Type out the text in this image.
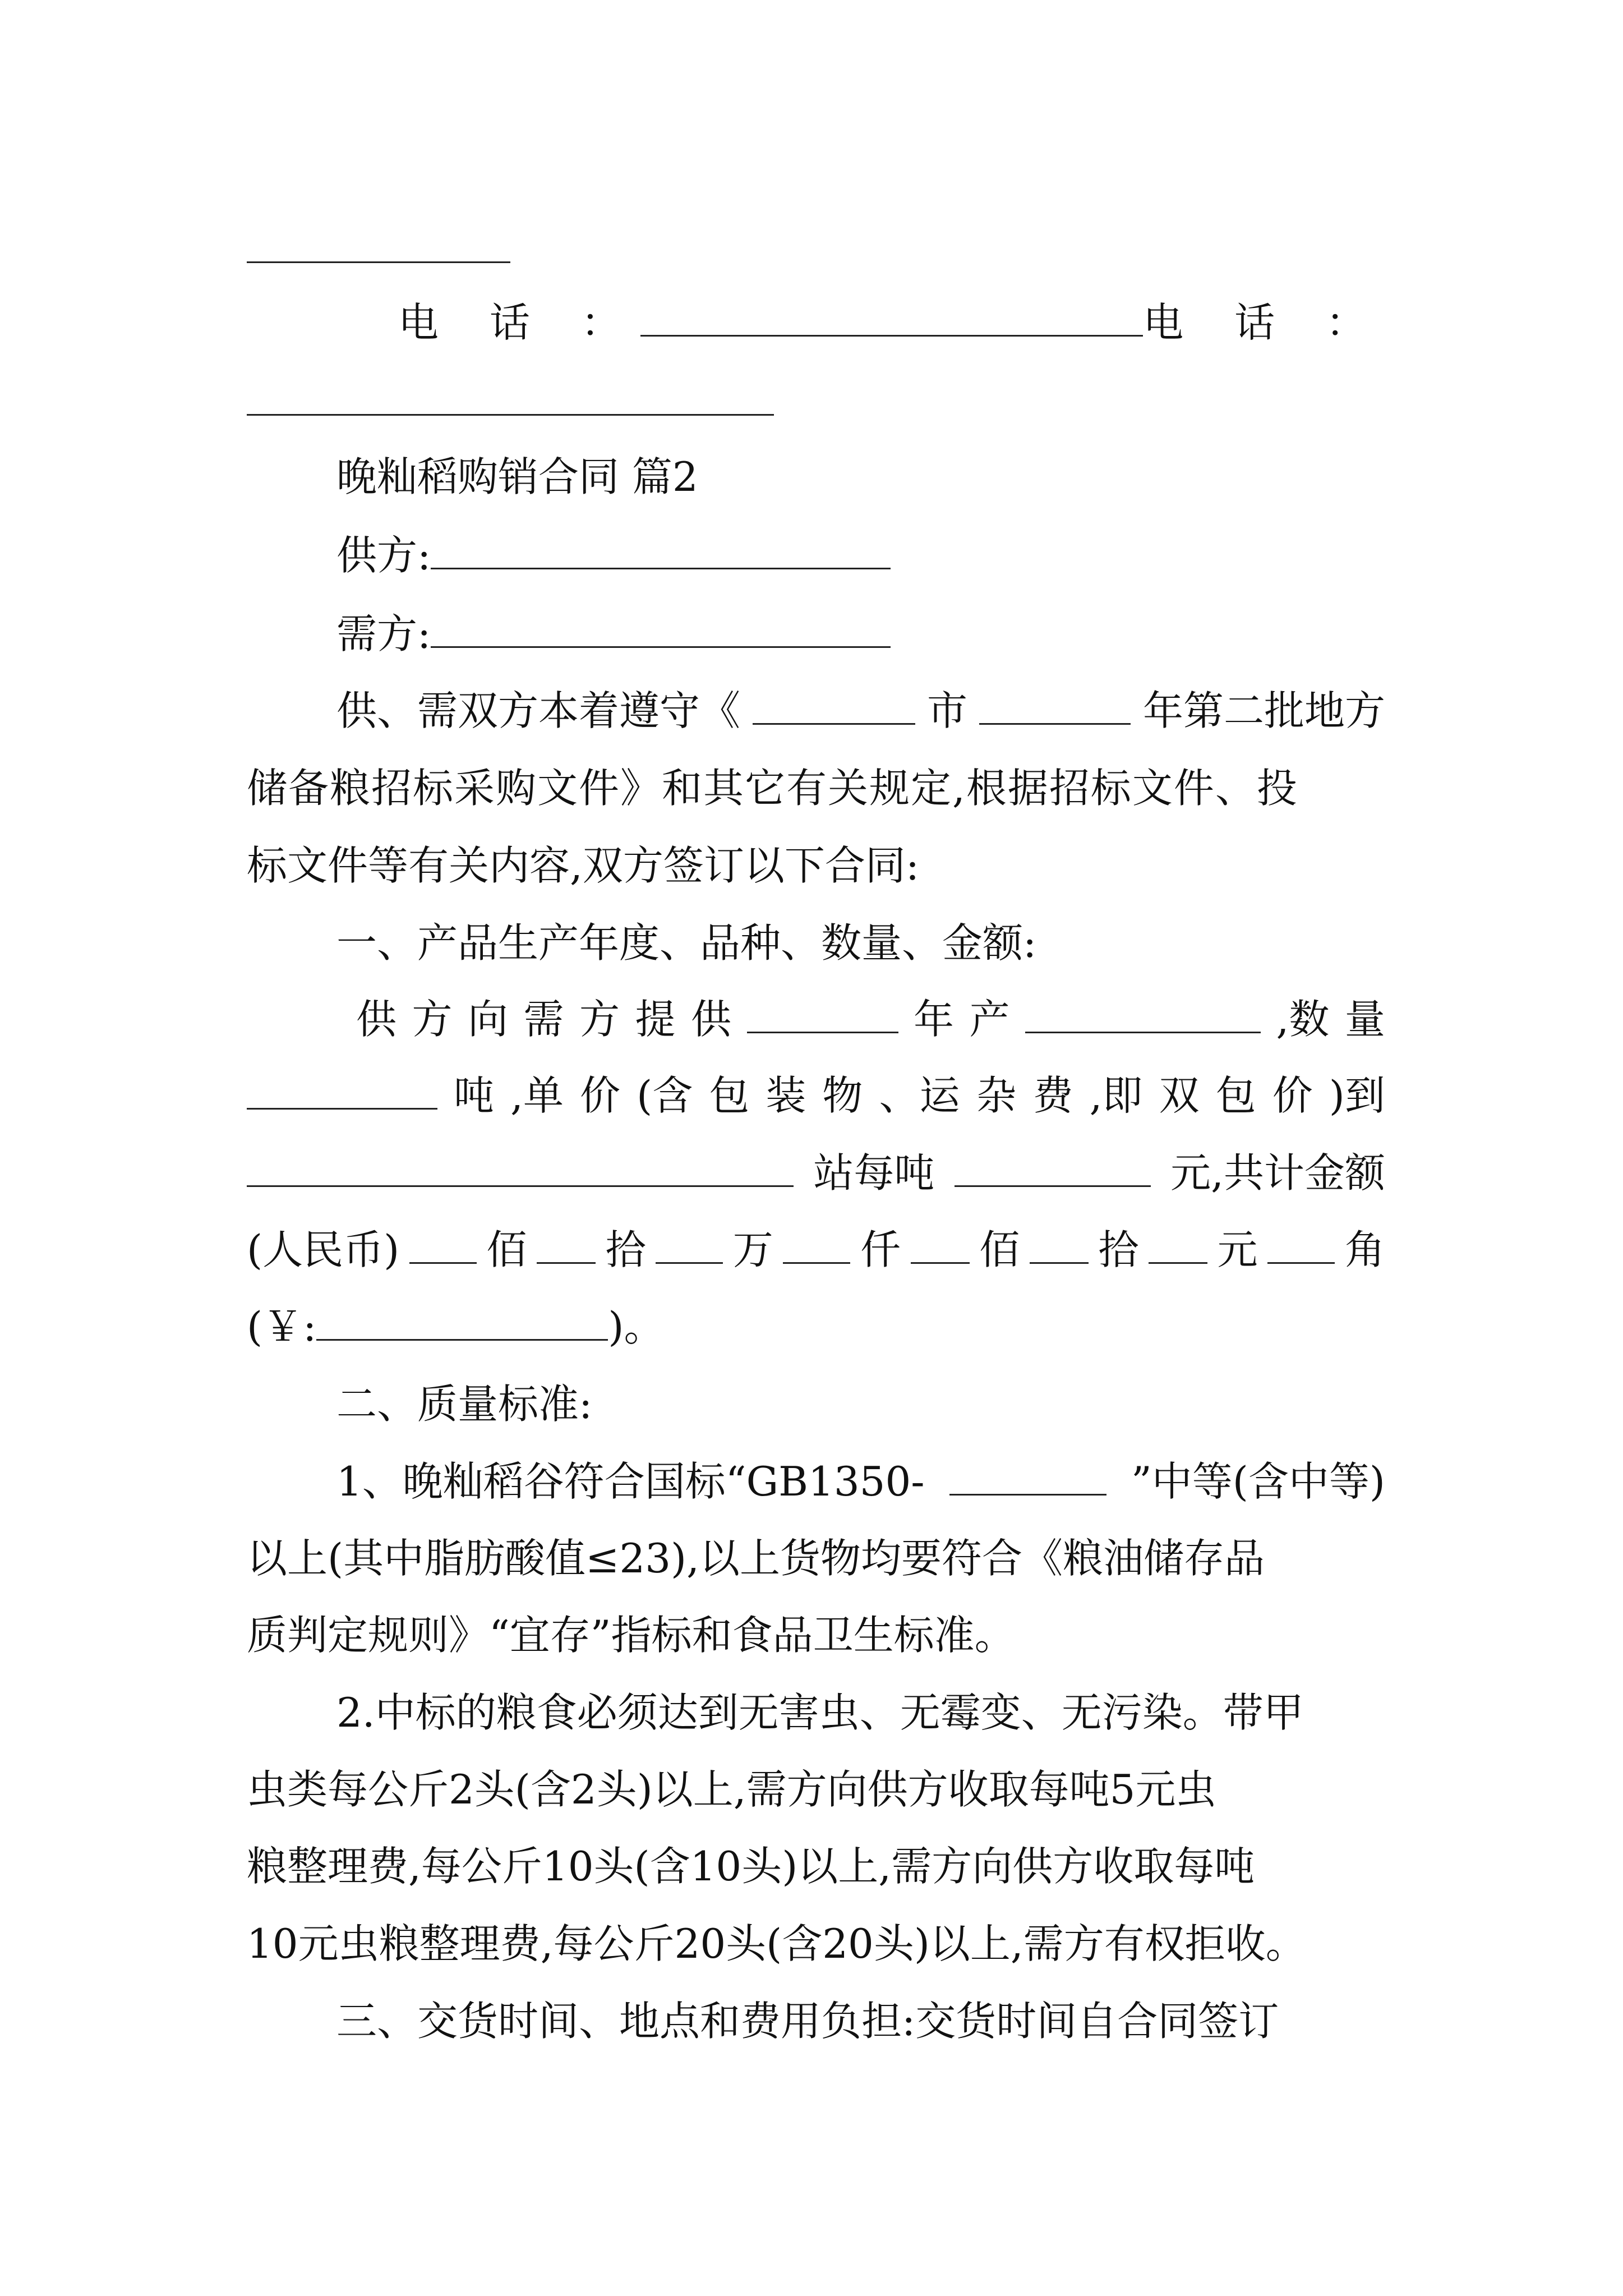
电 话 ：	电 话 ：
晚籼稻购销合同 篇2
供方:
需方:
供、需双方本着遵守《	市	年第二批地方
储备粮招标采购文件》和其它有关规定,根据招标文件、投
标文件等有关内容,双方签订以下合同:
一、产品生产年度、品种、数量、金额:
供 方 向 需 方 提 供	年 产	,数 量
吨 ,单 价 (含 包 装 物 、运 杂 费 ,即 双 包 价 )到
站每吨	元,共计金额
(人民币) 佰 拾 万 仟 佰 拾 元 角
(￥:	)。
二、质量标准:
1、晚籼稻谷符合国标“GB1350-	”中等(含中等)
以上(其中脂肪酸值≤23),以上货物均要符合《粮油储存品
质判定规则》“宜存”指标和食品卫生标准。
2.中标的粮食必须达到无害虫、无霉变、无污染。带甲
虫类每公斤2头(含2头)以上,需方向供方收取每吨5元虫
粮整理费,每公斤10头(含10头)以上,需方向供方收取每吨
10元虫粮整理费,每公斤20头(含20头)以上,需方有权拒收。
三、交货时间、地点和费用负担:交货时间自合同签订
